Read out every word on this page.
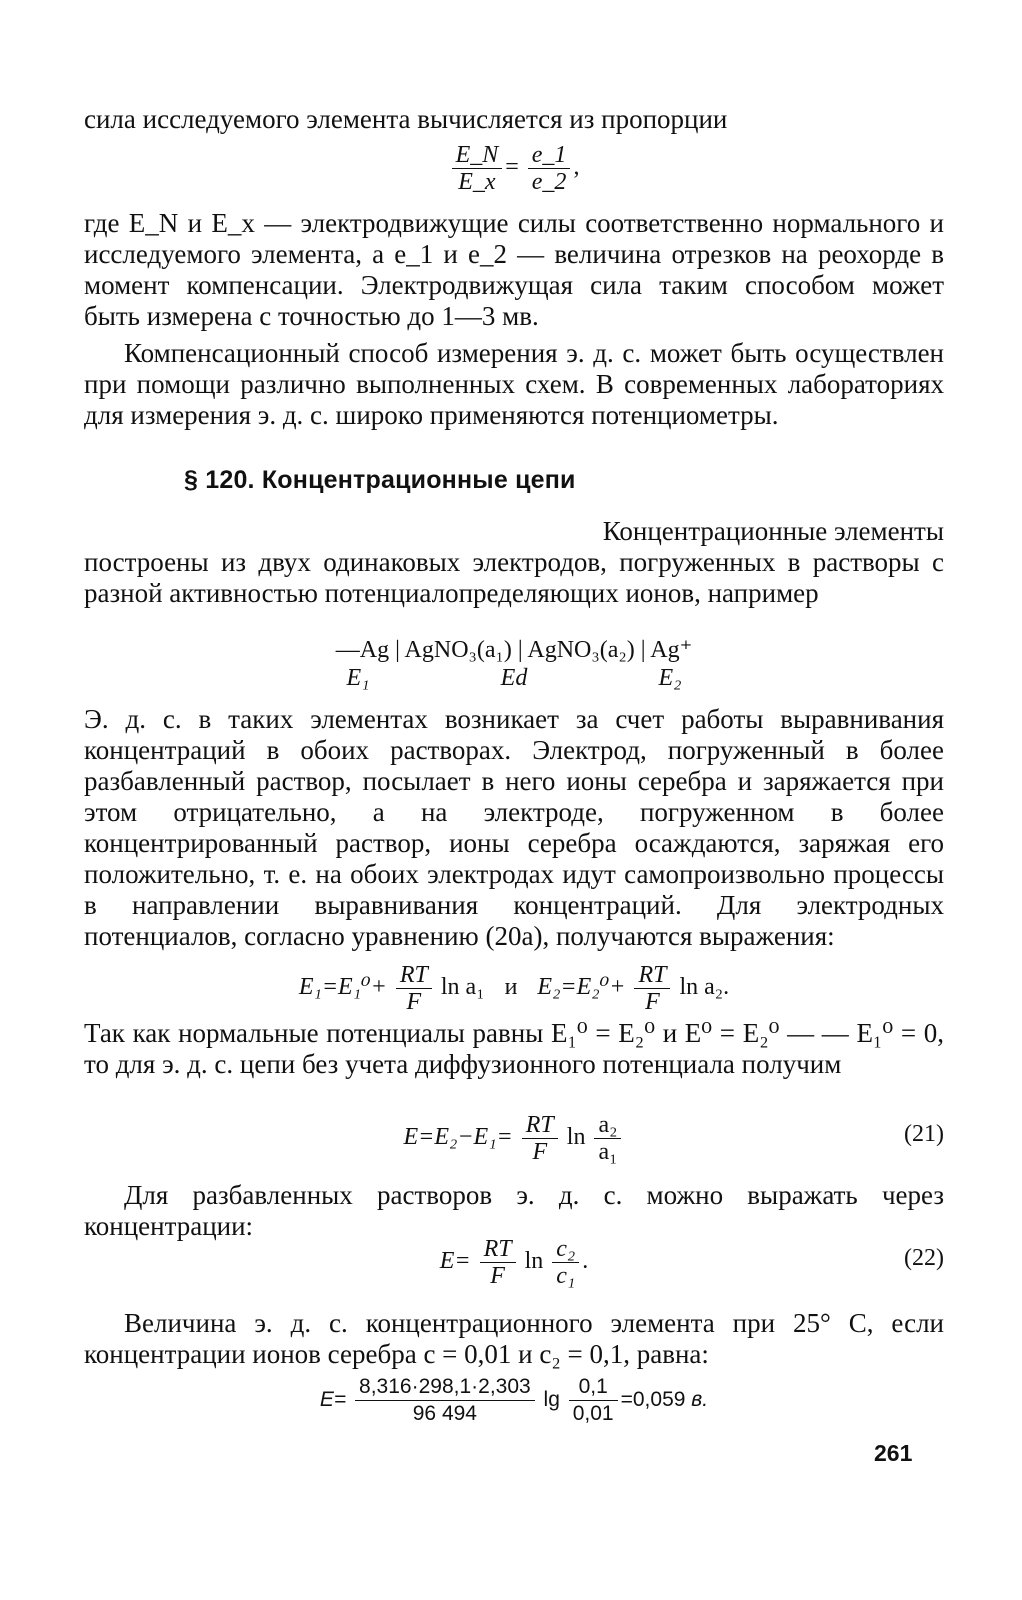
сила исследуемого элемента вычисляется из пропорции

$\frac{E\_N}{E\_x} = \frac{e\_1}{e\_2}$ ,

где E_N и E_x — электродвижущие силы соответственно нормального и исследуемого элемента, а e_1 и e_2 — величина отрезков на реохорде в момент компенсации. Электродвижущая сила таким способом может быть измерена с точностью до 1—3 мв.

Компенсационный способ измерения э. д. с. может быть осуществлен при помощи различно выполненных схем. В современных лабораториях для измерения э. д. с. широко применяются потенциометры.

§ 120. Концентрационные цепи

Концентрационные элементы

построены из двух одинаковых электродов, погруженных в растворы с разной активностью потенциалопределяющих ионов, например

—Ag | AgNO₃(a₁) | AgNO₃(a₂) | Ag⁺
E₁	Ed	E₂

Э. д. с. в таких элементах возникает за счет работы выравнивания концентраций в обоих растворах. Электрод, погруженный в более разбавленный раствор, посылает в него ионы серебра и заряжается при этом отрицательно, а на электроде, погруженном в более концентрированный раствор, ионы серебра осаждаются, заряжая его положительно, т. е. на обоих электродах идут самопроизвольно процессы в направлении выравнивания концентраций. Для электродных потенциалов, согласно уравнению (20а), получаются выражения:

$E_1=E_1^0+ \frac{RT}{F}$ ln a₁ и $E_2=E_2^0+ \frac{RT}{F}$ ln a₂.

Так как нормальные потенциалы равны E₁⁰ = E₂⁰ и E⁰ = E₂⁰ — — E₁⁰ = 0, то для э. д. с. цепи без учета диффузионного потенциала получим

$E=E_2-E_1= \frac{RT}{F}$ $\ln \frac{\text{a₂}}{\text{a₁}}$	(21)

Для разбавленных растворов э. д. с. можно выражать через концентрации:

$E= \frac{RT}{F}$ $\ln \frac{\text{c₂}}{\text{c₁}}$ .	(22)

Величина э. д. с. концентрационного элемента при 25° C, если концентрации ионов серебра c = 0,01 и c₂ = 0,1, равна:

$E= \frac{8,316\cdot 298,1\cdot 2,303}{96 494}$ $\lg \frac{0,1}{0,01} =0,059$ в.
261
